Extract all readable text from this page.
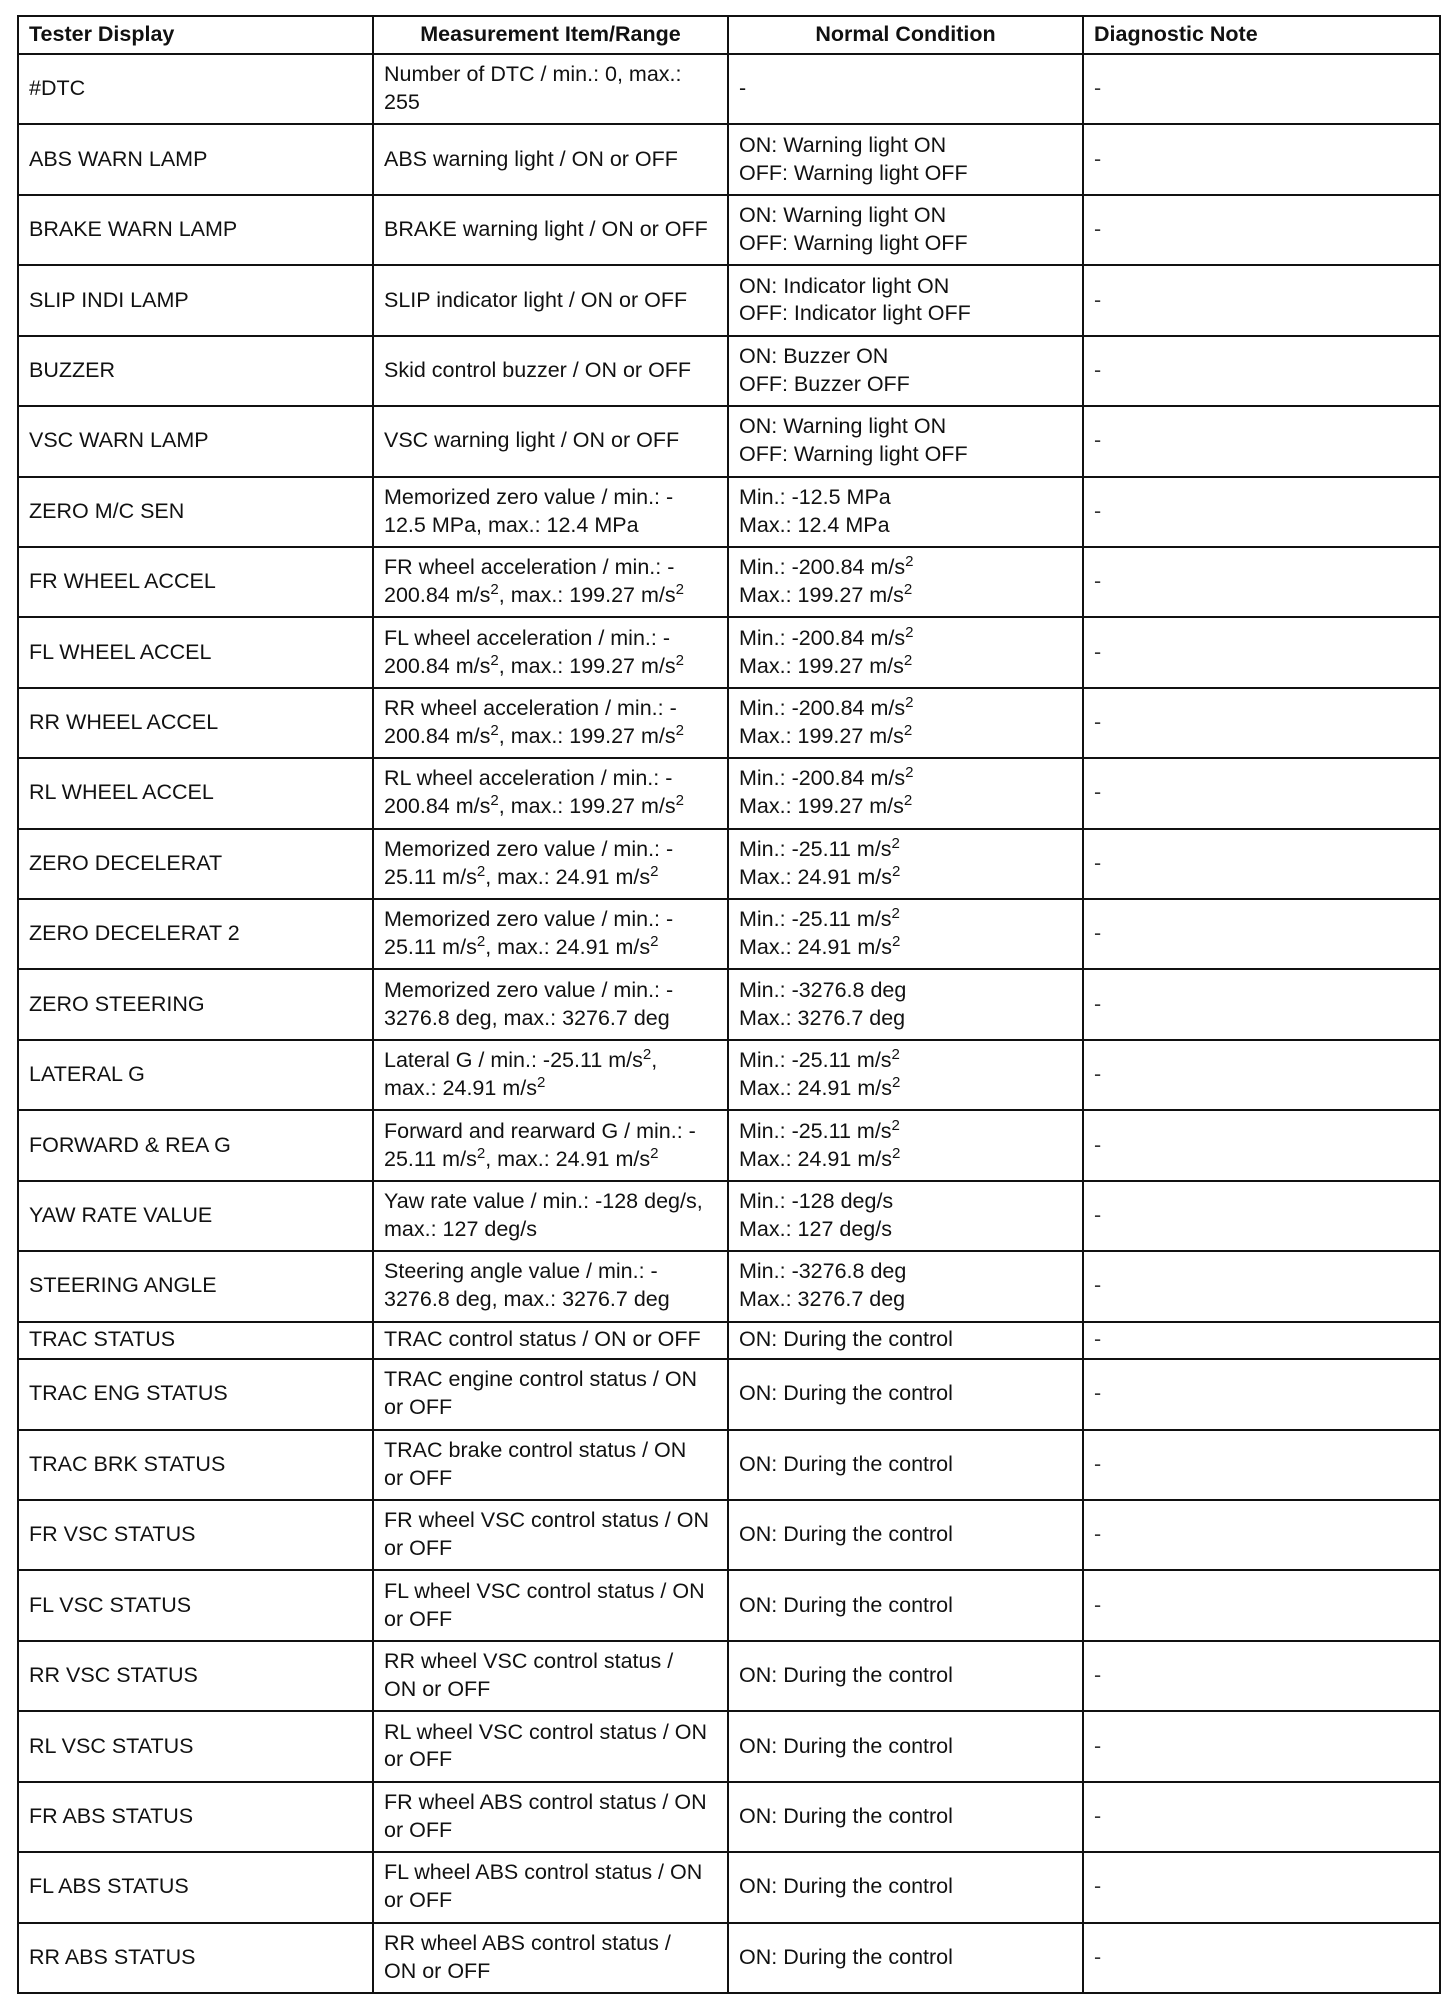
Tester Display	Measurement Item/Range	Normal Condition	Diagnostic Note
#DTC	Number of DTC / min.: 0, max.:
255	-	-
ABS WARN LAMP	ABS warning light / ON or OFF	ON: Warning light ON
OFF: Warning light OFF	-
BRAKE WARN LAMP	BRAKE warning light / ON or OFF	ON: Warning light ON
OFF: Warning light OFF	-
SLIP INDI LAMP	SLIP indicator light / ON or OFF	ON: Indicator light ON
OFF: Indicator light OFF	-
BUZZER	Skid control buzzer / ON or OFF	ON: Buzzer ON
OFF: Buzzer OFF	-
VSC WARN LAMP	VSC warning light / ON or OFF	ON: Warning light ON
OFF: Warning light OFF	-
ZERO M/C SEN	Memorized zero value / min.: -
12.5 MPa, max.: 12.4 MPa	Min.: -12.5 MPa
Max.: 12.4 MPa	-
FR WHEEL ACCEL	FR wheel acceleration / min.: -
200.84 $m/s^2$, max.: 199.27 $m/s^2$	Min.: -200.84 $m/s^2$
Max.: 199.27 $m/s^2$	-
FL WHEEL ACCEL	FL wheel acceleration / min.: -
200.84 $m/s^2$, max.: 199.27 $m/s^2$	Min.: -200.84 $m/s^2$
Max.: 199.27 $m/s^2$	-
RR WHEEL ACCEL	RR wheel acceleration / min.: -
200.84 $m/s^2$, max.: 199.27 $m/s^2$	Min.: -200.84 $m/s^2$
Max.: 199.27 $m/s^2$	-
RL WHEEL ACCEL	RL wheel acceleration / min.: -
200.84 $m/s^2$, max.: 199.27 $m/s^2$	Min.: -200.84 $m/s^2$
Max.: 199.27 $m/s^2$	-
ZERO DECELERAT	Memorized zero value / min.: -
25.11 $m/s^2$, max.: 24.91 $m/s^2$	Min.: -25.11 $m/s^2$
Max.: 24.91 $m/s^2$	-
ZERO DECELERAT 2	Memorized zero value / min.: -
25.11 $m/s^2$, max.: 24.91 $m/s^2$	Min.: -25.11 $m/s^2$
Max.: 24.91 $m/s^2$	-
ZERO STEERING	Memorized zero value / min.: -
3276.8 deg, max.: 3276.7 deg	Min.: -3276.8 deg
Max.: 3276.7 deg	-
LATERAL G	Lateral G / min.: -25.11 $m/s^2$,
max.: 24.91 $m/s^2$	Min.: -25.11 $m/s^2$
Max.: 24.91 $m/s^2$	-
FORWARD & REA G	Forward and rearward G / min.: -
25.11 $m/s^2$, max.: 24.91 $m/s^2$	Min.: -25.11 $m/s^2$
Max.: 24.91 $m/s^2$	-
YAW RATE VALUE	Yaw rate value / min.: -128 deg/s,
max.: 127 deg/s	Min.: -128 deg/s
Max.: 127 deg/s	-
STEERING ANGLE	Steering angle value / min.: -
3276.8 deg, max.: 3276.7 deg	Min.: -3276.8 deg
Max.: 3276.7 deg	-
TRAC STATUS	TRAC control status / ON or OFF	ON: During the control	-
TRAC ENG STATUS	TRAC engine control status / ON
or OFF	ON: During the control	-
TRAC BRK STATUS	TRAC brake control status / ON
or OFF	ON: During the control	-
FR VSC STATUS	FR wheel VSC control status / ON
or OFF	ON: During the control	-
FL VSC STATUS	FL wheel VSC control status / ON
or OFF	ON: During the control	-
RR VSC STATUS	RR wheel VSC control status /
ON or OFF	ON: During the control	-
RL VSC STATUS	RL wheel VSC control status / ON
or OFF	ON: During the control	-
FR ABS STATUS	FR wheel ABS control status / ON
or OFF	ON: During the control	-
FL ABS STATUS	FL wheel ABS control status / ON
or OFF	ON: During the control	-
RR ABS STATUS	RR wheel ABS control status /
ON or OFF	ON: During the control	-
